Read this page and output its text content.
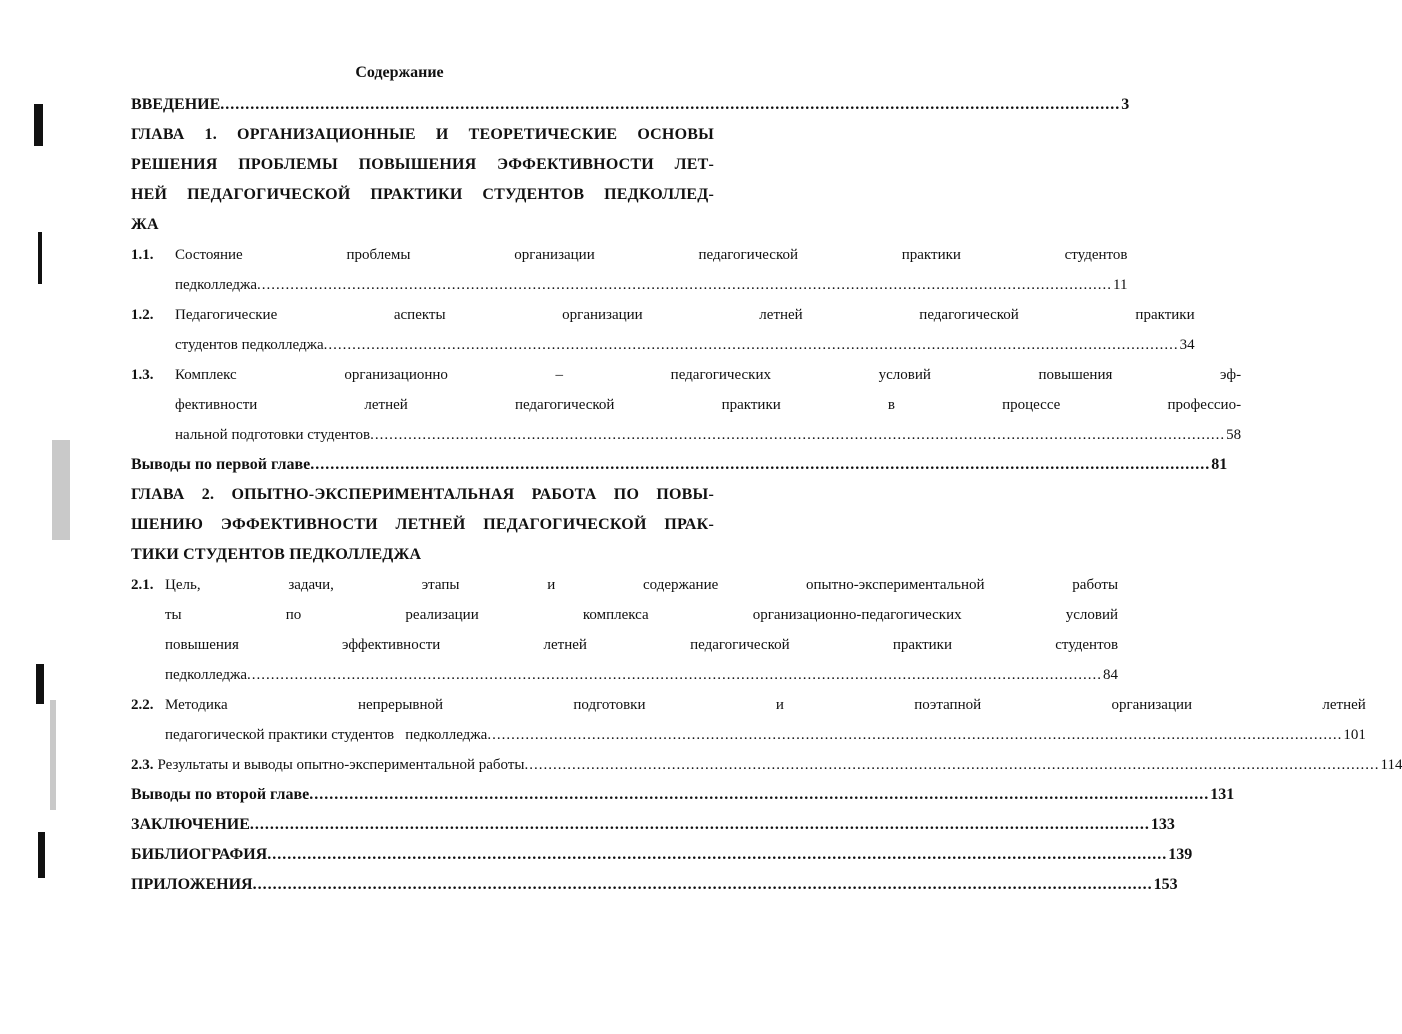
Содержание
ВВЕДЕНИЕ .....	3
ГЛАВА 1. ОРГАНИЗАЦИОННЫЕ И ТЕОРЕТИЧЕСКИЕ ОСНОВЫ
РЕШЕНИЯ ПРОБЛЕМЫ ПОВЫШЕНИЯ ЭФФЕКТИВНОСТИ ЛЕТ-
НЕЙ ПЕДАГОГИЧЕСКОЙ ПРАКТИКИ СТУДЕНТОВ ПЕДКОЛЛЕД-
ЖА
1.1.	Состояние проблемы организации педагогической практики студентов
педколледжа .....	11
1.2.	Педагогические аспекты организации летней педагогической практики
студентов педколледжа .....	34
1.3.	Комплекс организационно – педагогических условий повышения эф-
фективности летней педагогической практики в процессе профессио-
нальной подготовки студентов .....	58
Выводы по первой главе .....	81
ГЛАВА 2. ОПЫТНО-ЭКСПЕРИМЕНТАЛЬНАЯ РАБОТА ПО ПОВЫ-
ШЕНИЮ ЭФФЕКТИВНОСТИ ЛЕТНЕЙ ПЕДАГОГИЧЕСКОЙ ПРАК-
ТИКИ СТУДЕНТОВ ПЕДКОЛЛЕДЖА
2.1. Цель, задачи, этапы и содержание опытно-экспериментальной работы
ты по реализации комплекса организационно-педагогических условий
повышения эффективности летней педагогической практики студентов
педколледжа .....	84
2.2. Методика непрерывной подготовки и поэтапной организации летней
педагогической практики студентов   педколледжа .....	101
2.3. Результаты и выводы опытно-экспериментальной работы .....	114
Выводы по второй главе .....	131
ЗАКЛЮЧЕНИЕ .....	133
БИБЛИОГРАФИЯ .....	139
ПРИЛОЖЕНИЯ .....	153
